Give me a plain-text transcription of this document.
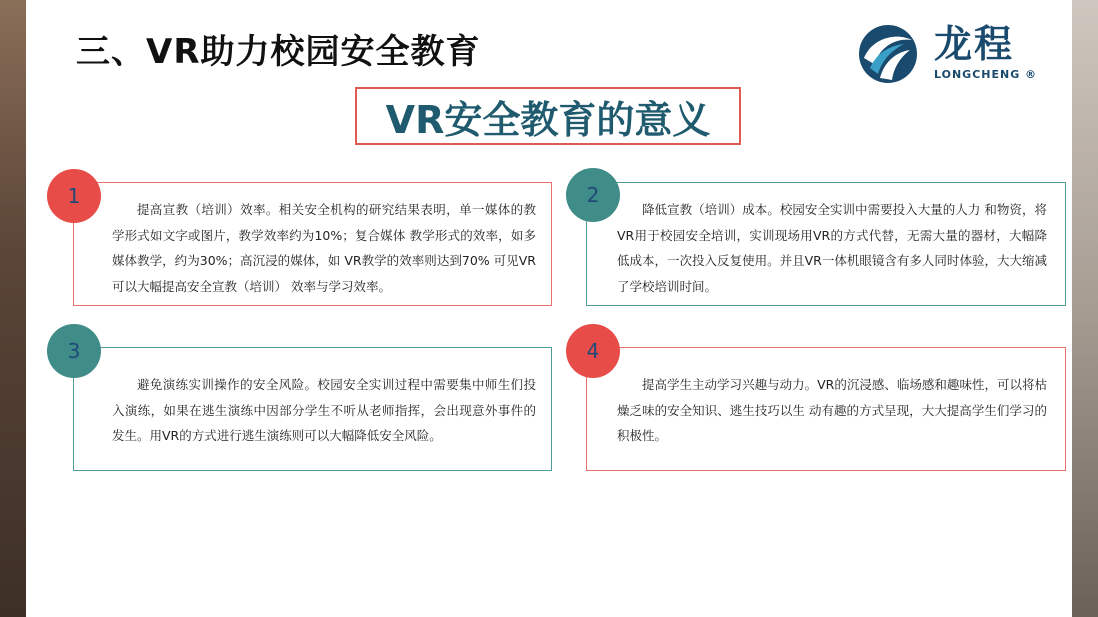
三、VR助力校园安全教育	龙程
LONGCHENG ®
VR安全教育的意义
提高宣教（培训）效率。相关安全机构的研究结果表明，单一媒体的教学形式如文字或图片，教学效率约为10%；复合媒体 教学形式的效率，如多媒体教学，约为30%；高沉浸的媒体，如 VR教学的效率则达到70% 可见VR可以大幅提高安全宣教（培训） 效率与学习效率。
1
降低宣教（培训）成本。校园安全实训中需要投入大量的人力 和物资，将VR用于校园安全培训，实训现场用VR的方式代替，无需大量的器材，大幅降低成本，一次投入反复使用。并且VR一体机眼镜含有多人同时体验，大大缩减了学校培训时间。
2
避免演练实训操作的安全风险。校园安全实训过程中需要集中师生们投入演练，如果在逃生演练中因部分学生不听从老师指挥，会出现意外事件的发生。用VR的方式进行逃生演练则可以大幅降低安全风险。
3
提高学生主动学习兴趣与动力。VR的沉浸感、临场感和趣味性，可以将枯燥乏味的安全知识、逃生技巧以生 动有趣的方式呈现，大大提高学生们学习的积极性。
4
